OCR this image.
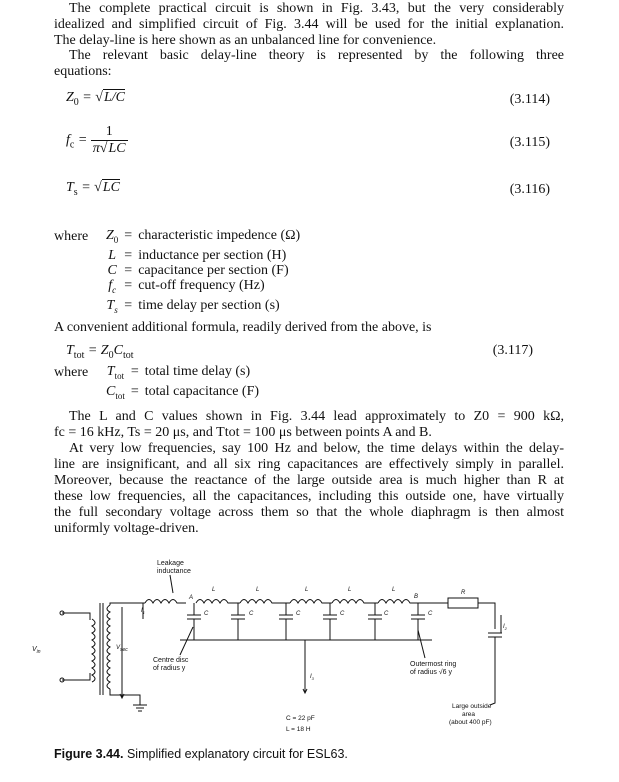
The complete practical circuit is shown in Fig. 3.43, but the very considerably
idealized and simplified circuit of Fig. 3.44 will be used for the initial explanation.
The delay-line is here shown as an unbalanced line for convenience.
The relevant basic delay-line theory is represented by the following three
equations:
$Z_0 = √L/C$	(3.114)
$f_c = \frac{1}{\pi√LC}$	(3.115)
$T_s = √LC$	(3.116)
where $Z_0$	=	characteristic impedence (Ω)
L	=	inductance per section (H)
C	=	capacitance per section (F)
$f_c$	=	cut-off frequency (Hz)
$T_s$	=	time delay per section (s)
A convenient additional formula, readily derived from the above, is
$T_{tot} = Z_0C_{tot}$	(3.117)
where $T_{tot}$	=	total time delay (s)
$C_{tot}$	=	total capacitance (F)
The L and C values shown in Fig. 3.44 lead approximately to Z0 = 900 kΩ,
fc = 16 kHz, Ts = 20 μs, and Ttot = 100 μs between points A and B.
At very low frequencies, say 100 Hz and below, the time delays within the delay-
line are insignificant, and all six ring capacitances are effectively simply in parallel.
Moreover, because the reactance of the large outside area is much higher than R at
these low frequencies, all the capacitances, including this outside one, have virtually
the full secondary voltage across them so that the whole diaphragm is then almost
uniformly voltage-driven.
Leakage
inductance
$V_{in}$
$V_{sec}$
$I_1$
A	B
L	L	L	L	L	R
$I_2$
C	C	C	C	C	C
$I_3$
Centre disc
of radius y
Outermost ring
of radius √6 y
Large outside
area
(about 400 pF)
C = 22 pF
L = 18 H
Figure 3.44. Simplified explanatory circuit for ESL63.
